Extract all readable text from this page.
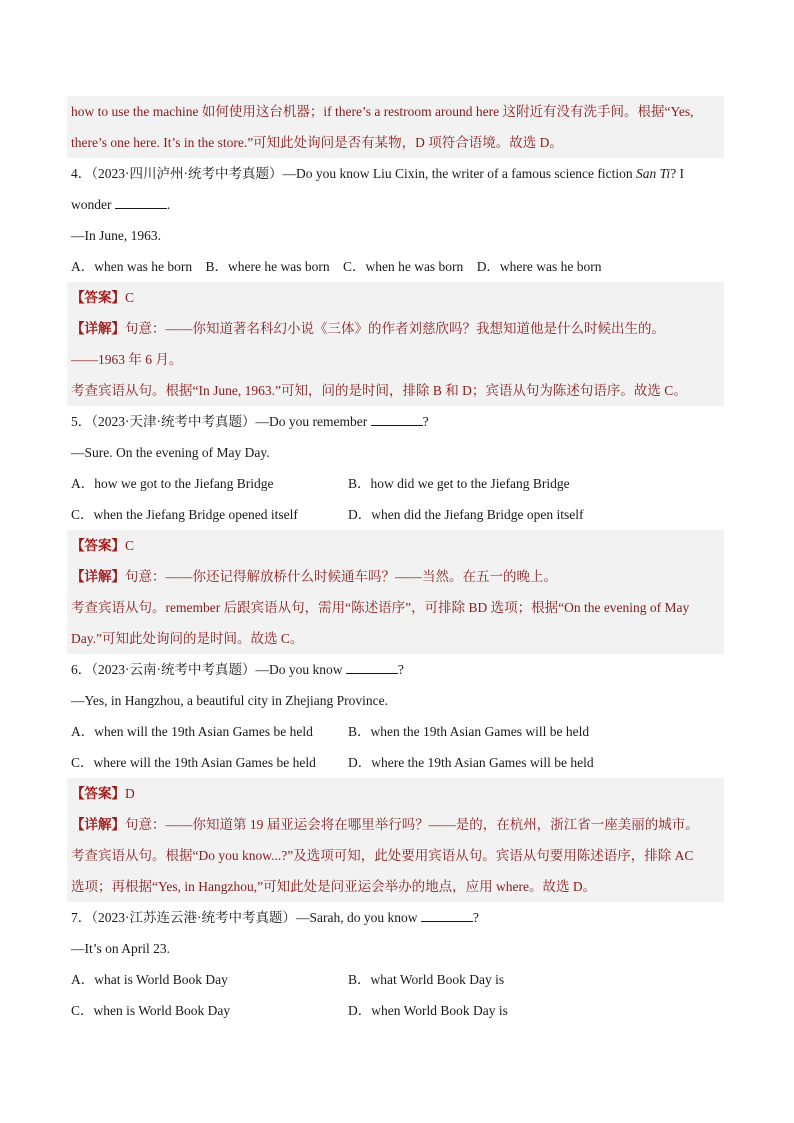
how to use the machine 如何使用这台机器；if there’s a restroom around here 这附近有没有洗手间。根据“Yes,
there’s one here. It’s in the store.”可知此处询问是否有某物，D 项符合语境。故选 D。
4．（2023·四川泸州·统考中考真题）—Do you know Liu Cixin, the writer of a famous science fiction San Ti? I
wonder	.
—In June, 1963.
A．when was he born B．where he was born C．when he was born D．where was he born
【答案】C
【详解】句意：——你知道著名科幻小说《三体》的作者刘慈欣吗？我想知道他是什么时候出生的。
——1963 年 6 月。
考查宾语从句。根据“In June, 1963.”可知，问的是时间，排除 B 和 D；宾语从句为陈述句语序。故选 C。
5．（2023·天津·统考中考真题）—Do you remember	?
—Sure. On the evening of May Day.
A．how we got to the Jiefang Bridge	B．how did we get to the Jiefang Bridge
C．when the Jiefang Bridge opened itself	D．when did the Jiefang Bridge open itself
【答案】C
【详解】句意：——你还记得解放桥什么时候通车吗？——当然。在五一的晚上。
考查宾语从句。remember 后跟宾语从句，需用“陈述语序”，可排除 BD 选项；根据“On the evening of May
Day.”可知此处询问的是时间。故选 C。
6．（2023·云南·统考中考真题）—Do you know	?
—Yes, in Hangzhou, a beautiful city in Zhejiang Province.
A．when will the 19th Asian Games be held	B．when the 19th Asian Games will be held
C．where will the 19th Asian Games be held	D．where the 19th Asian Games will be held
【答案】D
【详解】句意：——你知道第 19 届亚运会将在哪里举行吗？——是的，在杭州，浙江省一座美丽的城市。
考查宾语从句。根据“Do you know...?”及选项可知，此处要用宾语从句。宾语从句要用陈述语序，排除 AC
选项；再根据“Yes, in Hangzhou,”可知此处是问亚运会举办的地点，应用 where。故选 D。
7．（2023·江苏连云港·统考中考真题）—Sarah, do you know	?
—It’s on April 23.
A．what is World Book Day	B．what World Book Day is
C．when is World Book Day	D．when World Book Day is
